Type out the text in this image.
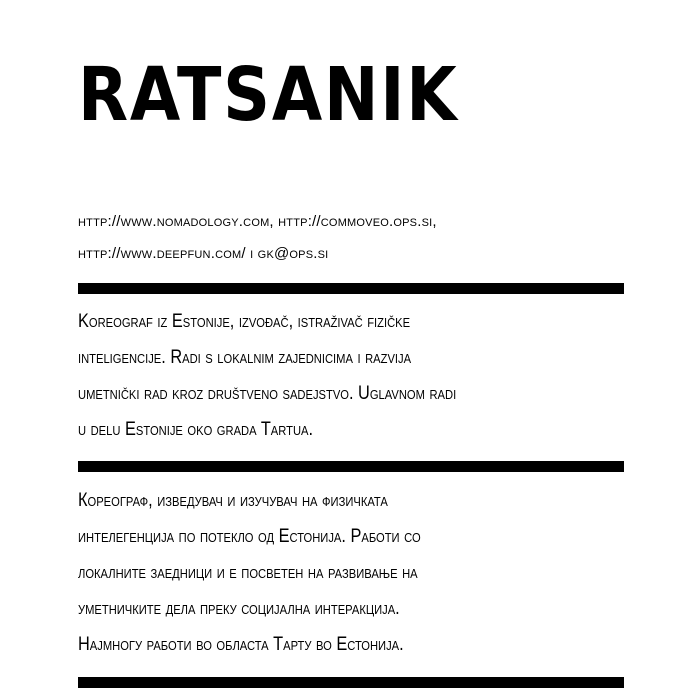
RATSANIK
http://www.nomadology.com, http://commoveo.ops.si,
http://www.deepfun.com/ i gk@ops.si
Koreograf iz Estonije, izvođač, istraživač fizičke
inteligencije. Radi s lokalnim zajednicima i razvija
umetnički rad kroz društveno sadejstvo. Uglavnom radi
u delu Estonije oko grada Tartua.
Кореограф, изведувач и изучувач на физичката
интелегенција по потекло од Естонија. Работи со
локалните заедници и е посветен на развивање на
уметничките дела преку социјална интеракција.
Најмногу работи во областа Тарту во Естонија.
